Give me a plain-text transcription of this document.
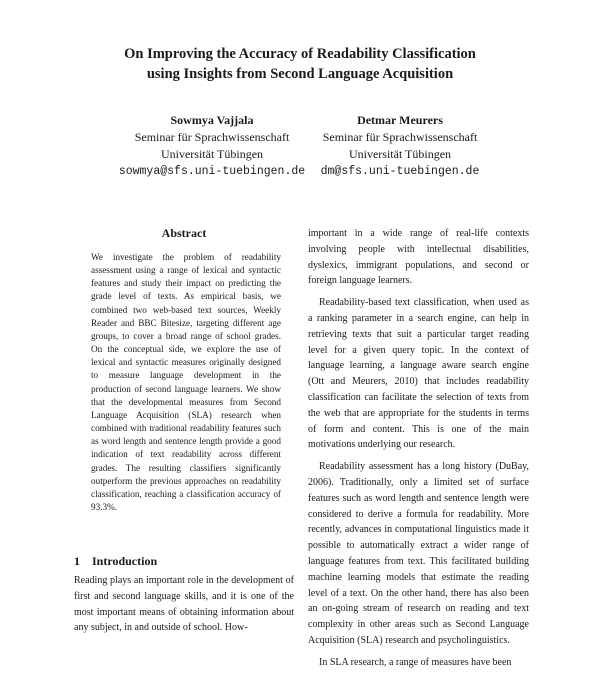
On Improving the Accuracy of Readability Classification
using Insights from Second Language Acquisition
Sowmya Vajjala
Seminar für Sprachwissenschaft
Universität Tübingen
sowmya@sfs.uni-tuebingen.de
Detmar Meurers
Seminar für Sprachwissenschaft
Universität Tübingen
dm@sfs.uni-tuebingen.de
Abstract
We investigate the problem of readability assessment using a range of lexical and syntactic features and study their impact on predicting the grade level of texts. As empirical basis, we combined two web-based text sources, Weekly Reader and BBC Bitesize, targeting different age groups, to cover a broad range of school grades. On the conceptual side, we explore the use of lexical and syntactic measures originally designed to measure language development in the production of second language learners. We show that the developmental measures from Second Language Acquisition (SLA) research when combined with traditional readability features such as word length and sentence length provide a good indication of text readability across different grades. The resulting classifiers significantly outperform the previous approaches on readability classification, reaching a classification accuracy of 93.3%.
1 Introduction

Reading plays an important role in the development of first and second language skills, and it is one of the most important means of obtaining information about any subject, in and outside of school. How-

important in a wide range of real-life contexts involving people with intellectual disabilities, dyslexics, immigrant populations, and second or foreign language learners.

Readability-based text classification, when used as a ranking parameter in a search engine, can help in retrieving texts that suit a particular target reading level for a given query topic. In the context of language learning, a language aware search engine (Ott and Meurers, 2010) that includes readability classification can facilitate the selection of texts from the web that are appropriate for the students in terms of form and content. This is one of the main motivations underlying our research.

Readability assessment has a long history (DuBay, 2006). Traditionally, only a limited set of surface features such as word length and sentence length were considered to derive a formula for readability. More recently, advances in computational linguistics made it possible to automatically extract a wider range of language features from text. This facilitated building machine learning models that estimate the reading level of a text. On the other hand, there has also been an on-going stream of research on reading and text complexity in other areas such as Second Language Acquisition (SLA) research and psycholinguistics.

In SLA research, a range of measures have been
